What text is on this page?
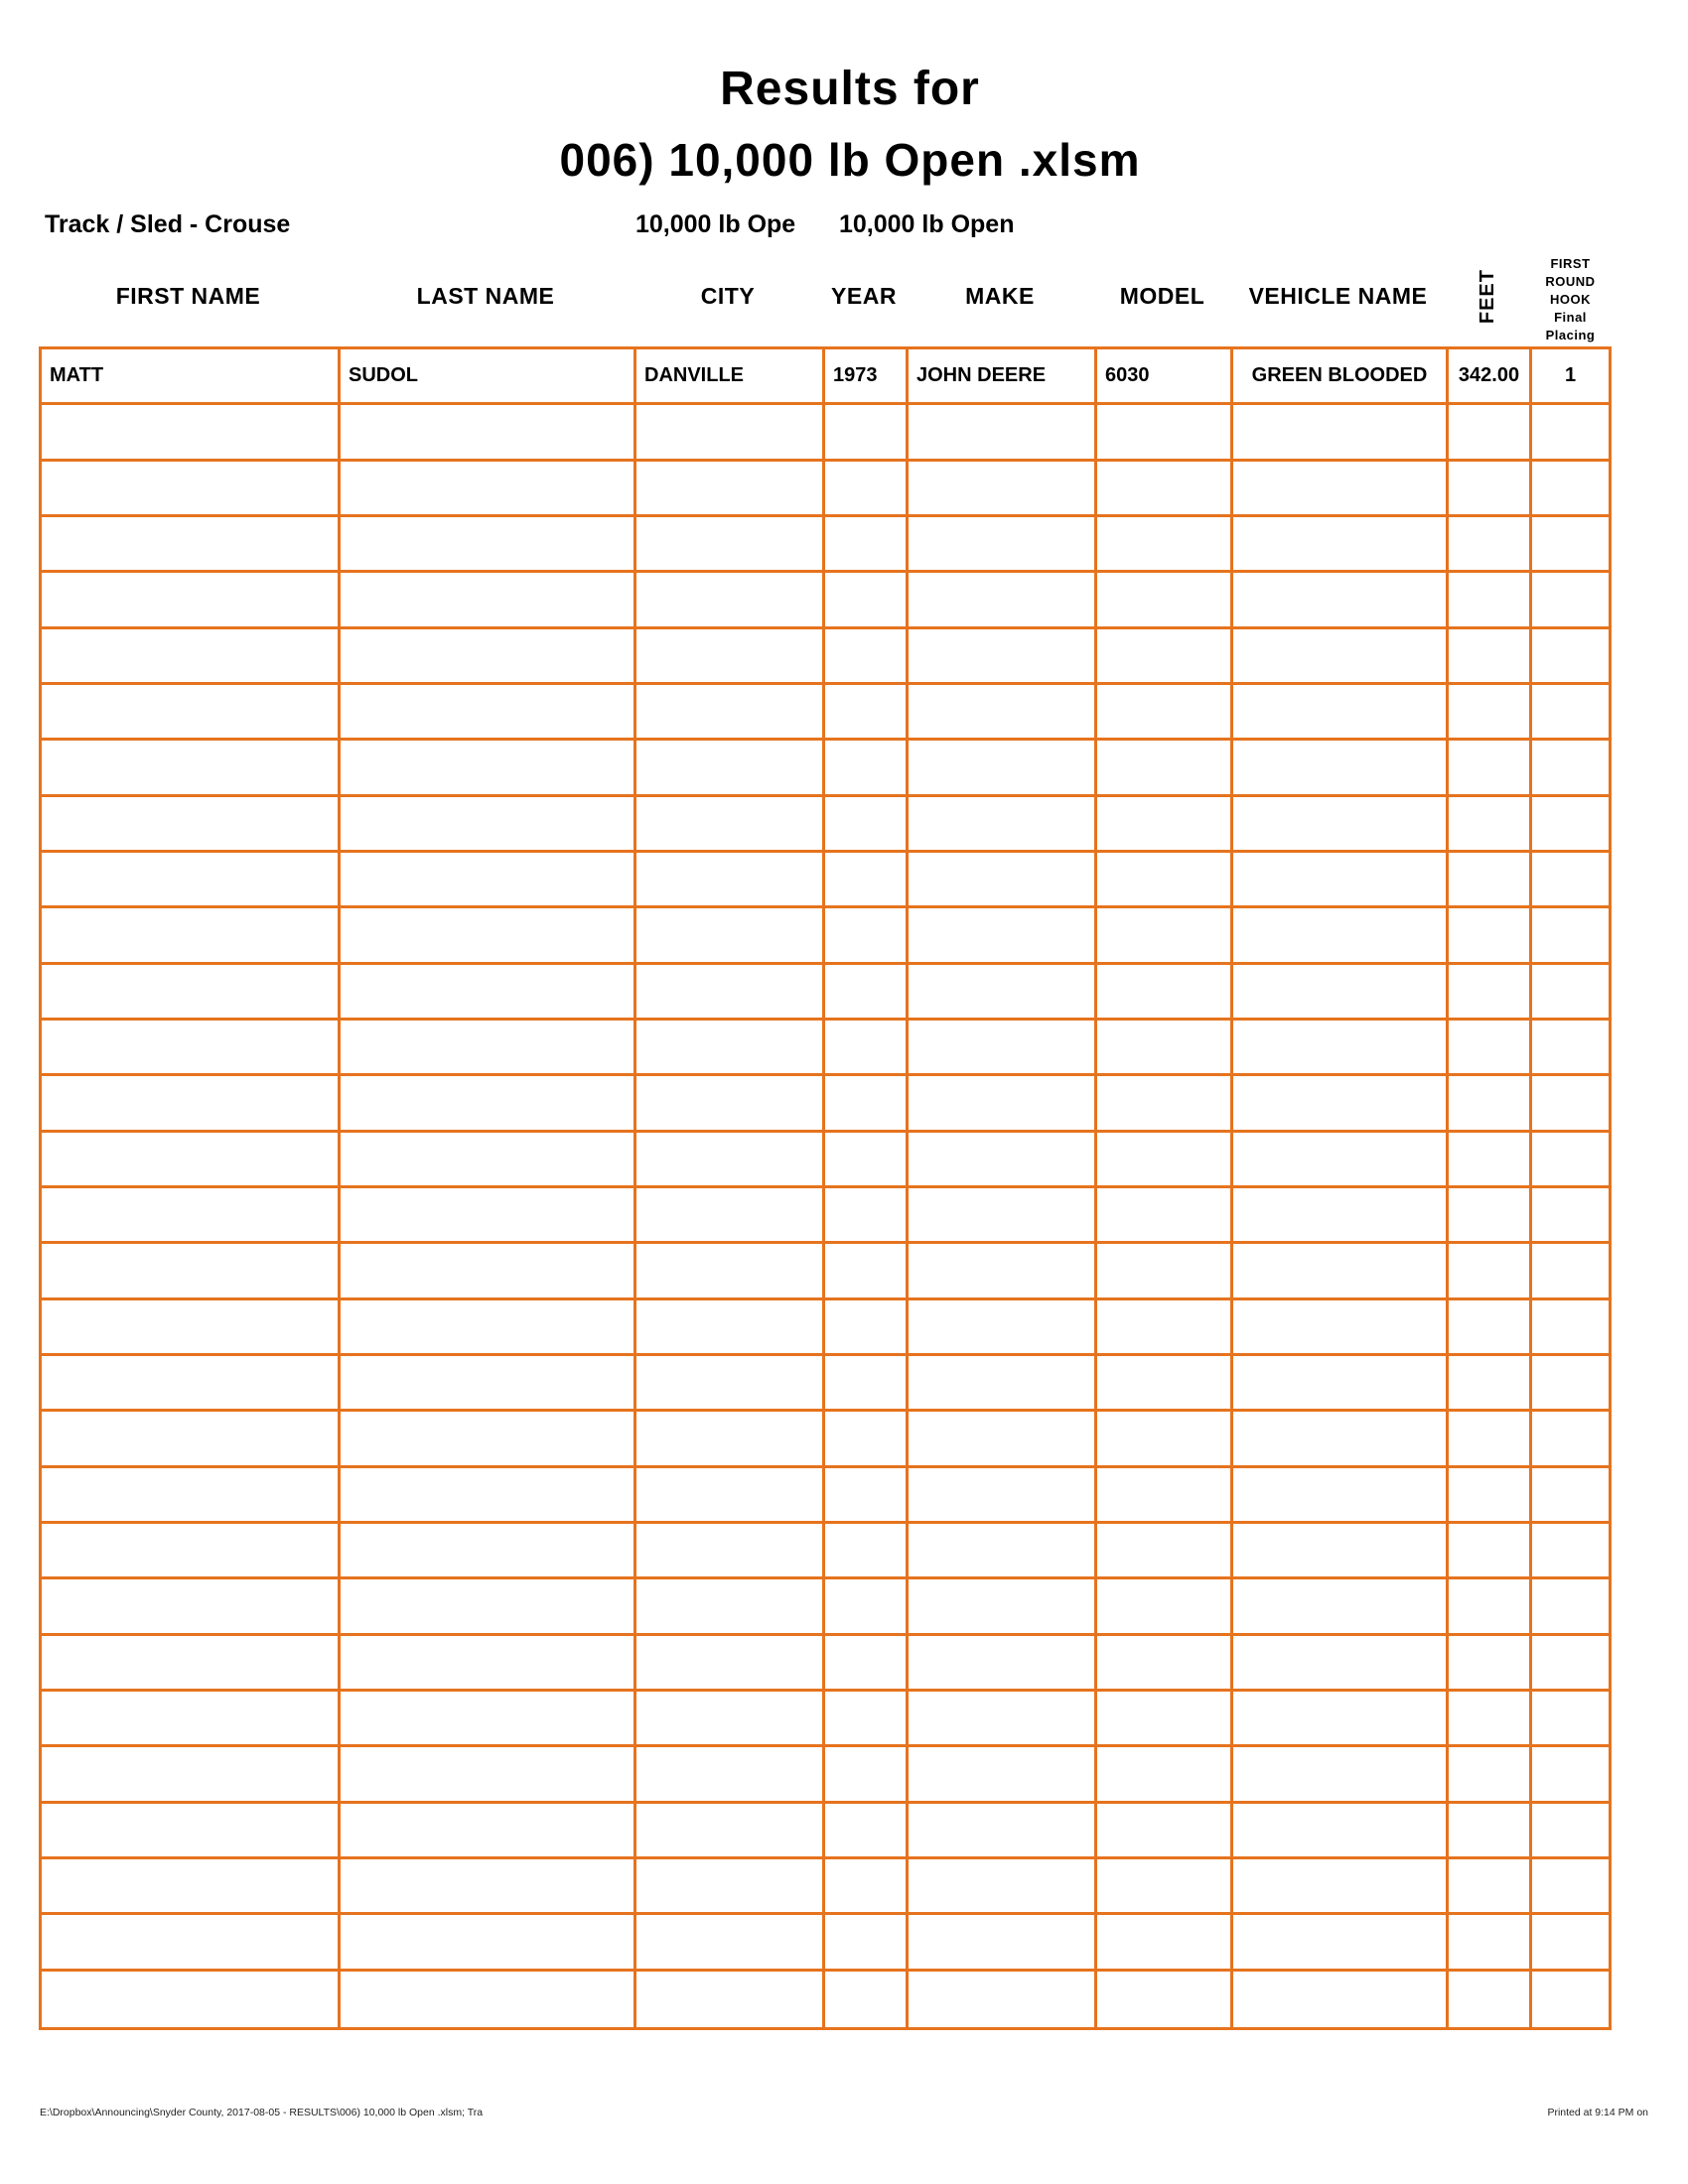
Results for
006) 10,000 lb Open .xlsm
Track / Sled - Crouse	10,000 lb Ope	10,000 lb Open
FIRST NAME	LAST NAME	CITY	YEAR	MAKE	MODEL	VEHICLE NAME	FEET
FIRST
ROUND
HOOK
Final
Placing
MATT	SUDOL	DANVILLE	1973	JOHN DEERE	6030	GREEN BLOODED	342.00	1
E:\Dropbox\Announcing\Snyder County, 2017-08-05 - RESULTS\006) 10,000 lb Open .xlsm; Tra	Printed at 9:14 PM on
